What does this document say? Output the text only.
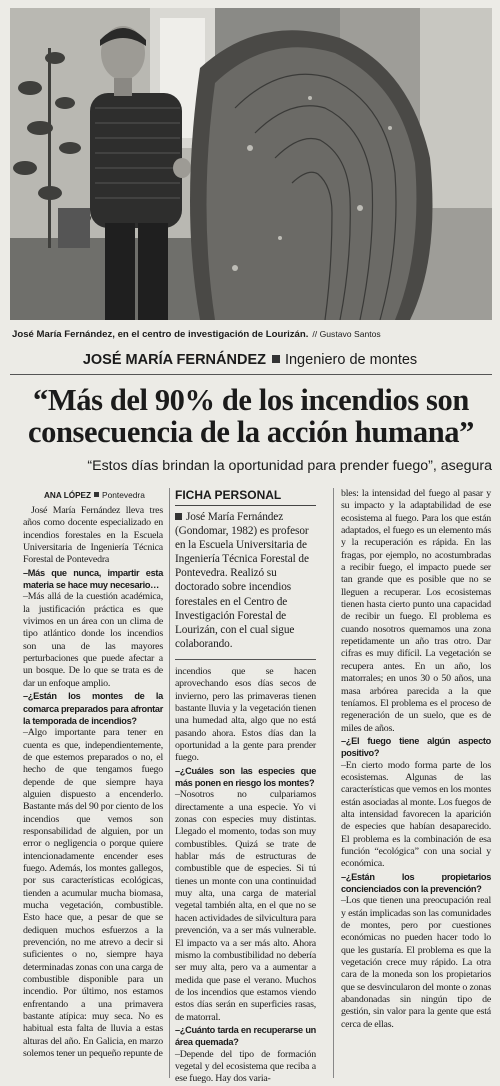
José María Fernández, en el centro de investigación de Lourizán. // Gustavo Santos
JOSÉ MARÍA FERNÁNDEZ Ingeniero de montes
“Más del 90% de los incendios son
consecuencia de la acción humana”
“Estos días brindan la oportunidad para prender fuego”, asegura
ANA LÓPEZ Pontevedra

José María Fernández lleva tres años como docente especializado en incendios forestales en la Escuela Universitaria de Ingeniería Técnica Forestal de Pontevedra

–Más que nunca, impartir esta materia se hace muy necesario…

–Más allá de la cuestión académica, la justificación práctica es que vivimos en un área con un clima de tipo atlántico donde los incendios son una de las mayores perturbaciones que puede afectar a un bosque. De lo que se trata es de dar un enfoque amplio.

–¿Están los montes de la comarca preparados para afrontar la temporada de incendios?

–Algo importante para tener en cuenta es que, independientemente, de que estemos preparados o no, el hecho de que tengamos fuego depende de que siempre haya alguien dispuesto a encenderlo. Bastante más del 90 por ciento de los incendios que vemos son responsabilidad de alguien, por un error o negligencia o porque quiere intencionadamente encender eses fuego. Además, los montes gallegos, por sus características ecológicas, tienden a acumular mucha biomasa, mucha vegetación, combustible. Esto hace que, a pesar de que se dediquen muchos esfuerzos a la prevención, no me atrevo a decir si suficientes o no, siempre haya determinadas zonas con una carga de combustible disponible para un incendio. Por último, nos estamos enfrentando a una primavera bastante atípica: muy seca. No es habitual esta falta de lluvia a estas alturas del año. En Galicia, en marzo solemos tener un pequeño repunte de

FICHA PERSONAL

José María Fernández (Gondomar, 1982) es profesor en la Escuela Universitaria de Ingeniería Técnica Forestal de Pontevedra. Realizó su doctorado sobre incendios forestales en el Centro de Investigación Forestal de Lourizán, con el cual sigue colaborando.

incendios que se hacen aprovechando esos días secos de invierno, pero las primaveras tienen bastante lluvia y la vegetación tienen una humedad alta, algo que no está pasando ahora. Estos días dan la oportunidad a la gente para prender fuego.

–¿Cuáles son las especies que más ponen en riesgo los montes?

–Nosotros no culpariamos directamente a una especie. Yo vi zonas con especies muy distintas. Llegado el momento, todas son muy combustibles. Quizá se trate de hablar más de estructuras de combustible que de especies. Si tú tienes un monte con una continuidad muy alta, una carga de material vegetal también alta, en el que no se hacen actividades de silvicultura para prevención, va a ser más vulnerable. El impacto va a ser más alto. Ahora mismo la combustibilidad no debería ser muy alta, pero va a aumentar a medida que pase el verano. Muchos de los incendios que estamos viendo estos días serán en superficies rasas, de matorral.

–¿Cuánto tarda en recuperarse un área quemada?

–Depende del tipo de formación vegetal y del ecosistema que reciba a ese fuego. Hay dos varia-

bles: la intensidad del fuego al pasar y su impacto y la adaptabilidad de ese ecosistema al fuego. Para los que están adaptados, el fuego es un elemento más y la recuperación es rápida. En las fragas, por ejemplo, no acostumbradas a recibir fuego, el impacto puede ser tan grande que es posible que no se lleguen a recuperar. Los ecosistemas tienen hasta cierto punto una capacidad de recibir un fuego. El problema es cuando nosotros quemamos una zona repetidamente un año tras otro. Dar cifras es muy difícil. La vegetación se recupera antes. En un año, los matorrales; en unos 30 o 50 años, una masa arbórea parecida a la que teníamos. El problema es el proceso de regeneración de un suelo, que es de miles de años.

–¿El fuego tiene algún aspecto positivo?

–En cierto modo forma parte de los ecosistemas. Algunas de las características que vemos en los montes están asociadas al monte. Los fuegos de alta intensidad favorecen la aparición de especies que habían desaparecido. El problema es la combinación de esa función “ecológica” con una social y económica.

–¿Están los propietarios concienciados con la prevención?

–Los que tienen una preocupación real y están implicadas son las comunidades de montes, pero por cuestiones económicas no pueden hacer todo lo que les gustaría. El problema es que la vegetación crece muy rápido. La otra cara de la moneda son los propietarios que se desvincularon del monte o zonas abandonadas sin ningún tipo de gestión, sin valor para la gente que está cerca de ellas.
